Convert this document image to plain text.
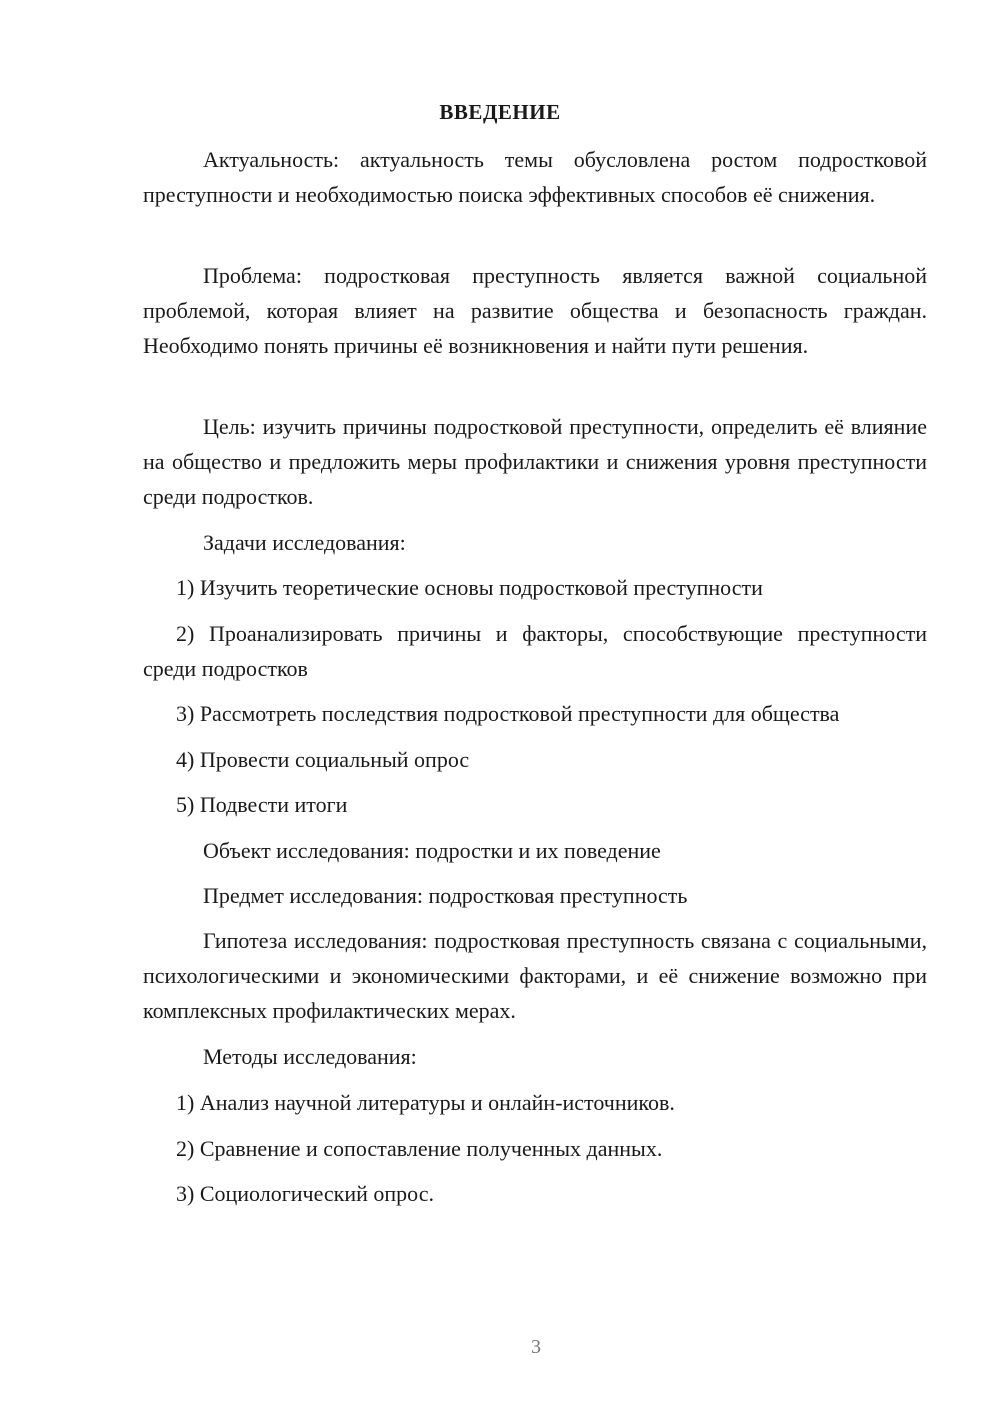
ВВЕДЕНИЕ

Актуальность: актуальность темы обусловлена ростом подростковой преступности и необходимостью поиска эффективных способов её снижения.

Проблема: подростковая преступность является важной социальной проблемой, которая влияет на развитие общества и безопасность граждан. Необходимо понять причины её возникновения и найти пути решения.

Цель: изучить причины подростковой преступности, определить её влияние на общество и предложить меры профилактики и снижения уровня преступности среди подростков.

Задачи исследования:

1) Изучить теоретические основы подростковой преступности

2) Проанализировать причины и факторы, способствующие преступности среди подростков

3) Рассмотреть последствия подростковой преступности для общества

4) Провести социальный опрос

5) Подвести итоги

Объект исследования: подростки и их поведение

Предмет исследования: подростковая преступность

Гипотеза исследования: подростковая преступность связана с социальными, психологическими и экономическими факторами, и её снижение возможно при комплексных профилактических мерах.

Методы исследования:

1) Анализ научной литературы и онлайн-источников.

2) Сравнение и сопоставление полученных данных.

3) Социологический опрос.

3
